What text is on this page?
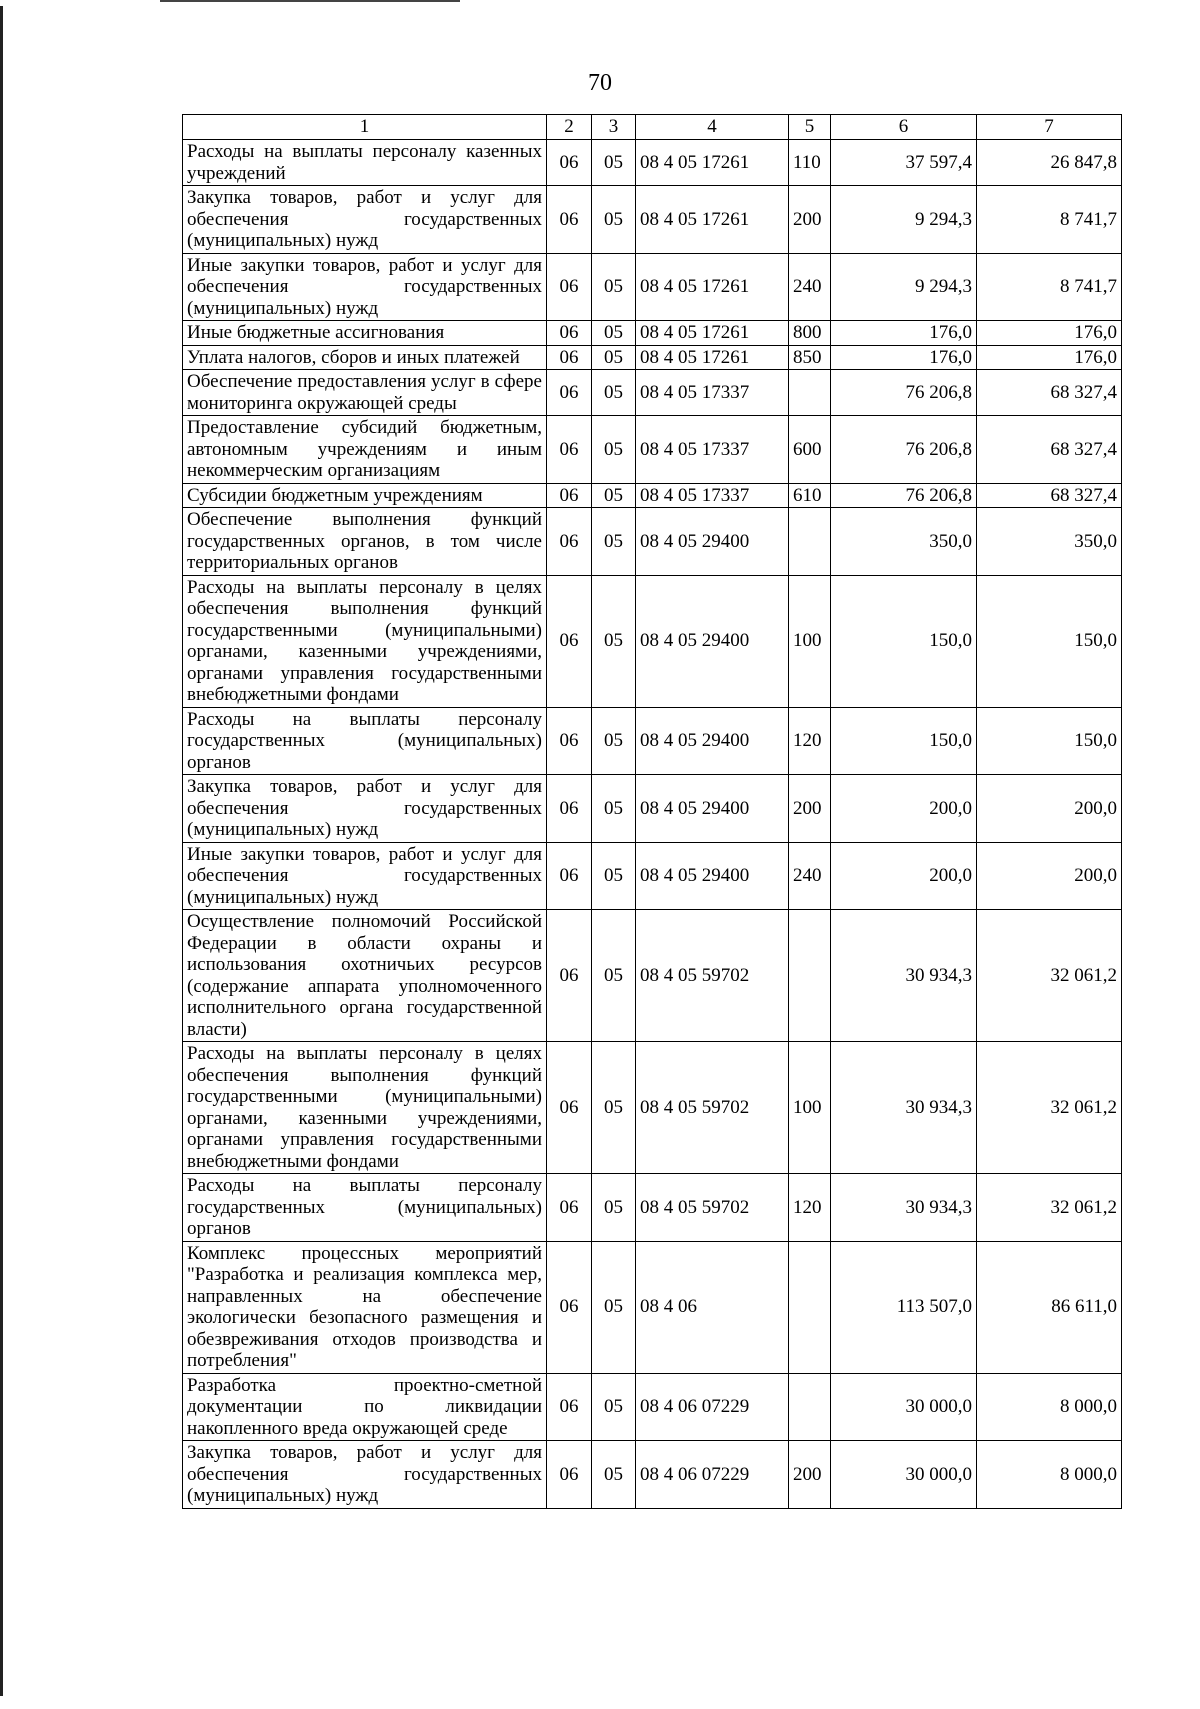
70
1	2	3	4	5	6	7
Расходы на выплаты персоналу казенных учреждений	06	05	08 4 05 17261	110	37 597,4	26 847,8
Закупка товаров, работ и услуг для обеспечения государственных (муниципальных) нужд	06	05	08 4 05 17261	200	9 294,3	8 741,7
Иные закупки товаров, работ и услуг для обеспечения государственных (муниципальных) нужд	06	05	08 4 05 17261	240	9 294,3	8 741,7
Иные бюджетные ассигнования	06	05	08 4 05 17261	800	176,0	176,0
Уплата налогов, сборов и иных платежей	06	05	08 4 05 17261	850	176,0	176,0
Обеспечение предоставления услуг в сфере мониторинга окружающей среды	06	05	08 4 05 17337		76 206,8	68 327,4
Предоставление субсидий бюджетным, автономным учреждениям и иным некоммерческим организациям	06	05	08 4 05 17337	600	76 206,8	68 327,4
Субсидии бюджетным учреждениям	06	05	08 4 05 17337	610	76 206,8	68 327,4
Обеспечение выполнения функций государственных органов, в том числе территориальных органов	06	05	08 4 05 29400		350,0	350,0
Расходы на выплаты персоналу в целях обеспечения выполнения функций государственными (муниципальными) органами, казенными учреждениями, органами управления государственными внебюджетными фондами	06	05	08 4 05 29400	100	150,0	150,0
Расходы на выплаты персоналу государственных (муниципальных) органов	06	05	08 4 05 29400	120	150,0	150,0
Закупка товаров, работ и услуг для обеспечения государственных (муниципальных) нужд	06	05	08 4 05 29400	200	200,0	200,0
Иные закупки товаров, работ и услуг для обеспечения государственных (муниципальных) нужд	06	05	08 4 05 29400	240	200,0	200,0
Осуществление полномочий Российской Федерации в области охраны и использования охотничьих ресурсов (содержание аппарата уполномоченного исполнительного органа государственной власти)	06	05	08 4 05 59702		30 934,3	32 061,2
Расходы на выплаты персоналу в целях обеспечения выполнения функций государственными (муниципальными) органами, казенными учреждениями, органами управления государственными внебюджетными фондами	06	05	08 4 05 59702	100	30 934,3	32 061,2
Расходы на выплаты персоналу государственных (муниципальных) органов	06	05	08 4 05 59702	120	30 934,3	32 061,2
Комплекс процессных мероприятий "Разработка и реализация комплекса мер, направленных на обеспечение экологически безопасного размещения и обезвреживания отходов производства и потребления"	06	05	08 4 06		113 507,0	86 611,0
Разработка проектно-сметной документации по ликвидации накопленного вреда окружающей среде	06	05	08 4 06 07229		30 000,0	8 000,0
Закупка товаров, работ и услуг для обеспечения государственных (муниципальных) нужд	06	05	08 4 06 07229	200	30 000,0	8 000,0
